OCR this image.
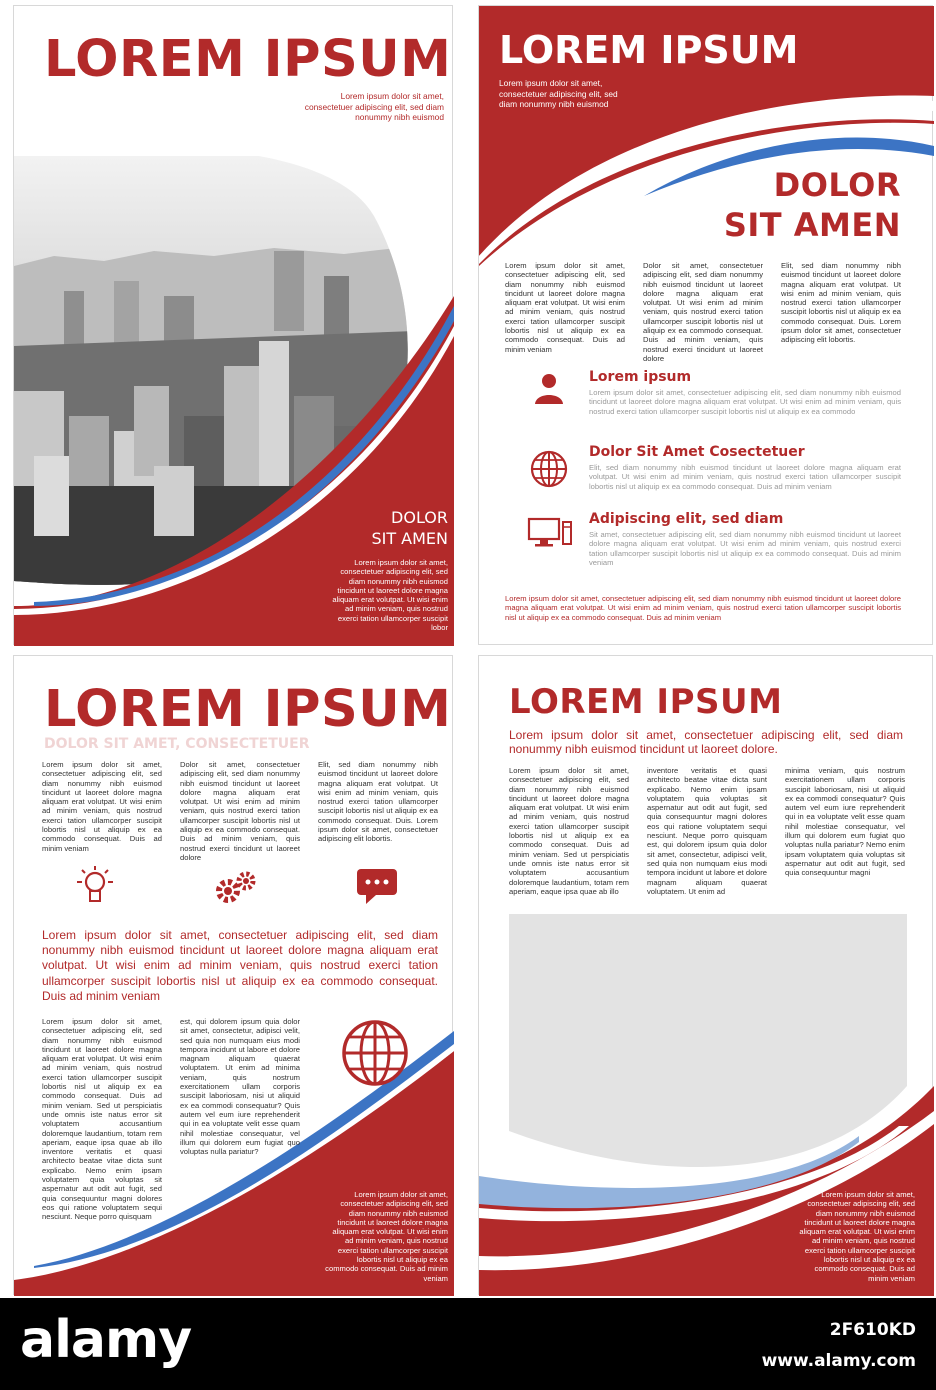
LOREM IPSUM
Lorem ipsum dolor sit amet, consectetuer adipiscing elit, sed diam nonummy nibh euismod
DOLOR
SIT AMEN
Lorem ipsum dolor sit amet, consectetuer adipiscing elit, sed diam nonummy nibh euismod tincidunt ut laoreet dolore magna aliquam erat volutpat. Ut wisi enim ad minim veniam, quis nostrud exerci tation ullamcorper suscipit lobor
LOREM IPSUM
Lorem ipsum dolor sit amet, consectetuer adipiscing elit, sed diam nonummy nibh euismod
DOLOR
SIT AMEN
Lorem ipsum dolor sit amet, consectetuer adipiscing elit, sed diam nonummy nibh euismod tincidunt ut laoreet dolore magna aliquam erat volutpat. Ut wisi enim ad minim veniam, quis nostrud exerci tation ullamcorper suscipit lobortis nisl ut aliquip ex ea commodo consequat. Duis ad minim veniam
Dolor sit amet, consectetuer adipiscing elit, sed diam nonummy nibh euismod tincidunt ut laoreet dolore magna aliquam erat volutpat. Ut wisi enim ad minim veniam, quis nostrud exerci tation ullamcorper suscipit lobortis nisl ut aliquip ex ea commodo consequat. Duis ad minim veniam, quis nostrud exerci tincidunt ut laoreet dolore
Elit, sed diam nonummy nibh euismod tincidunt ut laoreet dolore magna aliquam erat volutpat. Ut wisi enim ad minim veniam, quis nostrud exerci tation ullamcorper suscipit lobortis nisl ut aliquip ex ea commodo consequat. Duis. Lorem ipsum dolor sit amet, consectetuer adipiscing elit lobortis.
Lorem ipsum
Lorem ipsum dolor sit amet, consectetuer adipiscing elit, sed diam nonummy nibh euismod tincidunt ut laoreet dolore magna aliquam erat volutpat. Ut wisi enim ad minim veniam, quis nostrud exerci tation ullamcorper suscipit lobortis nisl ut aliquip ex ea commodo
Dolor Sit Amet Cosectetuer
Elit, sed diam nonummy nibh euismod tincidunt ut laoreet dolore magna aliquam erat volutpat. Ut wisi enim ad minim veniam, quis nostrud exerci tation ullamcorper suscipit lobortis nisl ut aliquip ex ea commodo consequat. Duis ad minim veniam
Adipiscing elit, sed diam
Sit amet, consectetuer adipiscing elit, sed diam nonummy nibh euismod tincidunt ut laoreet dolore magna aliquam erat volutpat. Ut wisi enim ad minim veniam, quis nostrud exerci tation ullamcorper suscipit lobortis nisl ut aliquip ex ea commodo consequat. Duis ad minim veniam
Lorem ipsum dolor sit amet, consectetuer adipiscing elit, sed diam nonummy nibh euismod tincidunt ut laoreet dolore magna aliquam erat volutpat. Ut wisi enim ad minim veniam, quis nostrud exerci tation ullamcorper suscipit lobortis nisl ut aliquip ex ea commodo consequat. Duis ad minim veniam
LOREM IPSUM
DOLOR SIT AMET, CONSECTETUER
Lorem ipsum dolor sit amet, consectetuer adipiscing elit, sed diam nonummy nibh euismod tincidunt ut laoreet dolore magna aliquam erat volutpat. Ut wisi enim ad minim veniam, quis nostrud exerci tation ullamcorper suscipit lobortis nisl ut aliquip ex ea commodo consequat. Duis ad minim veniam
Dolor sit amet, consectetuer adipiscing elit, sed diam nonummy nibh euismod tincidunt ut laoreet dolore magna aliquam erat volutpat. Ut wisi enim ad minim veniam, quis nostrud exerci tation ullamcorper suscipit lobortis nisl ut aliquip ex ea commodo consequat. Duis ad minim veniam, quis nostrud exerci tincidunt ut laoreet dolore
Elit, sed diam nonummy nibh euismod tincidunt ut laoreet dolore magna aliquam erat volutpat. Ut wisi enim ad minim veniam, quis nostrud exerci tation ullamcorper suscipit lobortis nisl ut aliquip ex ea commodo consequat. Duis. Lorem ipsum dolor sit amet, consectetuer adipiscing elit lobortis.
Lorem ipsum dolor sit amet, consectetuer adipiscing elit, sed diam nonummy nibh euismod tincidunt ut laoreet dolore magna aliquam erat volutpat. Ut wisi enim ad minim veniam, quis nostrud exerci tation ullamcorper suscipit lobortis nisl ut aliquip ex ea commodo consequat. Duis ad minim veniam
Lorem ipsum dolor sit amet, consectetuer adipiscing elit, sed diam nonummy nibh euismod tincidunt ut laoreet dolore magna aliquam erat volutpat. Ut wisi enim ad minim veniam, quis nostrud exerci tation ullamcorper suscipit lobortis nisl ut aliquip ex ea commodo consequat. Duis ad minim veniam. Sed ut perspiciatis unde omnis iste natus error sit voluptatem accusantium doloremque laudantium, totam rem aperiam, eaque ipsa quae ab illo inventore veritatis et quasi architecto beatae vitae dicta sunt explicabo. Nemo enim ipsam voluptatem quia voluptas sit aspernatur aut odit aut fugit, sed quia consequuntur magni dolores eos qui ratione voluptatem sequi nesciunt. Neque porro quisquam
est, qui dolorem ipsum quia dolor sit amet, consectetur, adipisci velit, sed quia non numquam eius modi tempora incidunt ut labore et dolore magnam aliquam quaerat voluptatem. Ut enim ad minima veniam, quis nostrum exercitationem ullam corporis suscipit laboriosam, nisi ut aliquid ex ea commodi consequatur? Quis autem vel eum iure reprehenderit qui in ea voluptate velit esse quam nihil molestiae consequatur, vel illum qui dolorem eum fugiat quo voluptas nulla pariatur?
Lorem ipsum dolor sit amet, consectetuer adipiscing elit, sed diam nonummy nibh euismod tincidunt ut laoreet dolore magna aliquam erat volutpat. Ut wisi enim ad minim veniam, quis nostrud exerci tation ullamcorper suscipit lobortis nisl ut aliquip ex ea commodo consequat. Duis ad minim veniam
LOREM IPSUM
Lorem ipsum dolor sit amet, consectetuer adipiscing elit, sed diam nonummy nibh euismod tincidunt ut laoreet dolore.
Lorem ipsum dolor sit amet, consectetuer adipiscing elit, sed diam nonummy nibh euismod tincidunt ut laoreet dolore magna aliquam erat volutpat. Ut wisi enim ad minim veniam, quis nostrud exerci tation ullamcorper suscipit lobortis nisl ut aliquip ex ea commodo consequat. Duis ad minim veniam. Sed ut perspiciatis unde omnis iste natus error sit voluptatem accusantium doloremque laudantium, totam rem aperiam, eaque ipsa quae ab illo
inventore veritatis et quasi architecto beatae vitae dicta sunt explicabo. Nemo enim ipsam voluptatem quia voluptas sit aspernatur aut odit aut fugit, sed quia consequuntur magni dolores eos qui ratione voluptatem sequi nesciunt. Neque porro quisquam est, qui dolorem ipsum quia dolor sit amet, consectetur, adipisci velit, sed quia non numquam eius modi tempora incidunt ut labore et dolore magnam aliquam quaerat voluptatem. Ut enim ad
minima veniam, quis nostrum exercitationem ullam corporis suscipit laboriosam, nisi ut aliquid ex ea commodi consequatur? Quis autem vel eum iure reprehenderit qui in ea voluptate velit esse quam nihil molestiae consequatur, vel illum qui dolorem eum fugiat quo voluptas nulla pariatur? Nemo enim ipsam voluptatem quia voluptas sit aspernatur aut odit aut fugit, sed quia consequuntur magni
Lorem ipsum dolor sit amet, consectetuer adipiscing elit, sed diam nonummy nibh euismod tincidunt ut laoreet dolore magna aliquam erat volutpat. Ut wisi enim ad minim veniam, quis nostrud exerci tation ullamcorper suscipit lobortis nisl ut aliquip ex ea commodo consequat. Duis ad minim veniam
alamy	2F610KD
www.alamy.com
